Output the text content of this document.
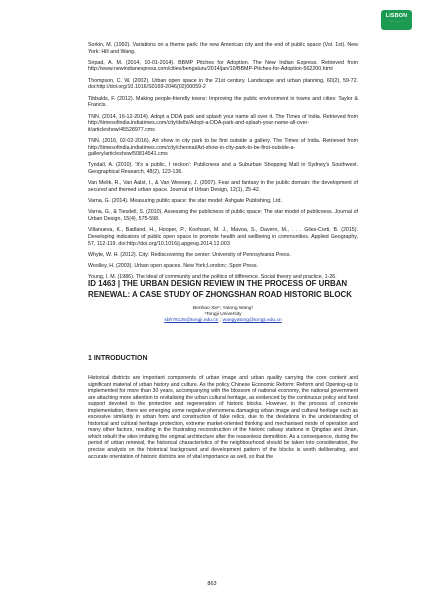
LISBON
· · · · · · · ·

Sorkin, M. (1992). Variations on a theme park: the new American city and the end of public space (Vol. 1st). New York: Hill and Wang.

Sripad, A. M. (2014, 10-01-2014). BBMP Pitches for Adoption. The New Indian Express. Retrieved from http://www.newindianexpress.com/cities/bengaluru/2014/jan/10/BBMP-Pitches-for-Adoption-562200.html

Thompson, C. W. (2002). Urban open space in the 21st century. Landscape and urban planning, 60(2), 59-72. doi:http://doi.org/10.1016/S0169-2046(02)00059-2

Tibbalds, F. (2012). Making people-friendly towns: Improving the public environment in towns and cities: Taylor & Francis.

TNN. (2014, 16-12-2014). Adopt a DDA park and splash your name all over it. The Times of India. Retrieved from http://timesofindia.indiatimes.com/city/delhi/Adopt-a-DDA-park-and-splash-your-name-all-over-it/articleshow/45528977.cms

TNN. (2016, 02-02-2016). Art show in city park to be first outside a gallery. The Times of India. Retrieved from http://timesofindia.indiatimes.com/city/chennai/Art-show-in-city-park-to-be-first-outside-a-gallery/articleshow/50814541.cms

Tyndall, A. (2010). 'It's a public, I reckon': Publicness and a Suburban Shopping Mall in Sydney's Southwest. Geographical Research, 48(2), 123-136.

Van Melik, R., Van Aalst, I., & Van Weesep, J. (2007). Fear and fantasy in the public domain: the development of secured and themed urban space. Journal of Urban Design, 12(1), 25-42.

Varna, G. (2014). Measuring public space: the star model: Ashgate Publishing, Ltd.

Varna, G., & Tiesdell, S. (2010). Assessing the publicness of public space: The star model of publicness. Journal of Urban Design, 15(4), 575-598.

Villanueva, K., Badland, H., Hooper, P., Koohsari, M. J., Mavoa, S., Davern, M., . . . Giles-Corti, B. (2015). Developing indicators of public open space to promote health and wellbeing in communities. Applied Geography, 57, 112-119. doi:http://doi.org/10.1016/j.apgeog.2014.12.003

Whyte, W. H. (2012). City: Rediscovering the center: University of Pennsylvania Press.

Woolley, H. (2003). Urban open spaces. New York;London;: Spon Press.

Young, I. M. (1986). The ideal of community and the politics of difference. Social theory and practice, 1-26.

ID 1463 | THE URBAN DESIGN REVIEW IN THE PROCESS OF URBAN RENEWAL: A CASE STUDY OF ZHONGSHAN ROAD HISTORIC BLOCK
Benhao Xie¹; Yatong Wang¹
¹Tongji University
xbh79125@tongji.edu.cn ; wangyatong@tongji.edu.cn
1 INTRODUCTION

Historical districts are important components of urban image and urban quality carrying the core content and significant material of urban history and culture. As the policy Chinese Economic Reform: Reform and Opening-up is implemented for more than 30 years, accompanying with the blossom of national economy, the national government are attaching more attention to revitalising the urban cultural heritage, as evidenced by the continuous policy and fund support devoted to the protection and regeneration of historic blocks. However, in the process of concrete implementation, there are emerging some negative phenomena damaging urban image and cultural heritage such as excessive similarity in urban form and construction of fake relics, due to the deviations in the understanding of historical and cultural heritage protection, extreme market-oriented thinking and mechanised mode of operation and many other factors, resulting in the frustrating reconstruction of the historic railway stations in Qingdao and Jinan, which rebuilt the sites imitating the original architecture after the reasonless demolition. As a consequence, during the period of urban renewal, the historical characteristics of the neighbourhood should be taken into consideration, the precise analysis on the historical background and development pattern of the blocks is worth deliberating, and accurate orientation of historic districts are of vital importance as well, so that the

863
